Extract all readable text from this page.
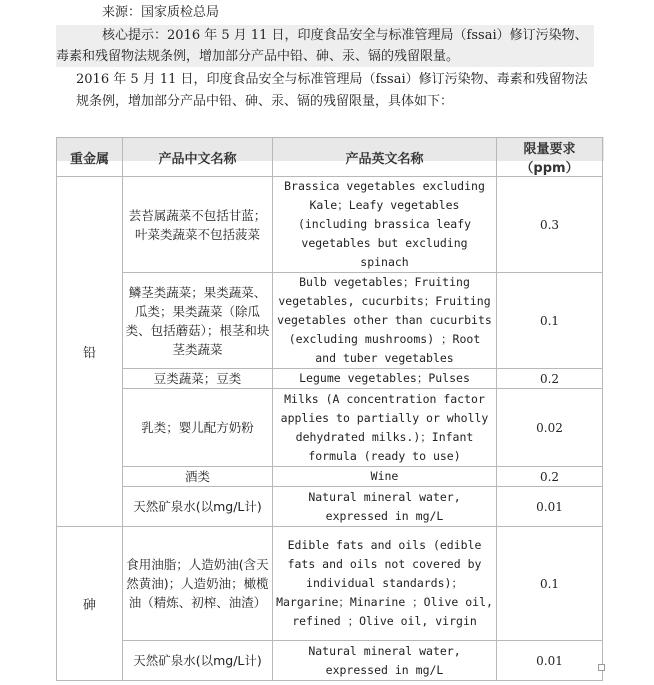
来源：国家质检总局
核心提示：2016 年 5 月 11 日，印度食品安全与标准管理局（fssai）修订污染物、毒素和残留物法规条例，增加部分产品中铅、砷、汞、镉的残留限量。
2016 年 5 月 11 日，印度食品安全与标准管理局（fssai）修订污染物、毒素和残留物法规条例，增加部分产品中铅、砷、汞、镉的残留限量，具体如下：
重金属	产品中文名称	产品英文名称	限量要求（ppm）
铅	芸苔属蔬菜不包括甘蓝；叶菜类蔬菜不包括菠菜	Brassica vegetables excluding Kale；Leafy vegetables (including brassica leafy vegetables but excluding spinach	0.3
	鳞茎类蔬菜；果类蔬菜、瓜类；果类蔬菜（除瓜类、包括蘑菇）；根茎和块茎类蔬菜	Bulb vegetables；Fruiting vegetables, cucurbits；Fruiting vegetables other than cucurbits (excluding mushrooms) ；Root and tuber vegetables	0.1
	豆类蔬菜；豆类	Legume vegetables；Pulses	0.2
	乳类；婴儿配方奶粉	Milks (A concentration factor applies to partially or wholly dehydrated milks.)；Infant formula (ready to use)	0.02
	酒类	Wine	0.2
	天然矿泉水(以mg/L计)	Natural mineral water, expressed in mg/L	0.01
砷	食用油脂；人造奶油(含天然黄油)；人造奶油；橄榄油（精炼、初榨、油渣）	Edible fats and oils (edible fats and oils not covered by individual standards)；Margarine；Minarine ；Olive oil, refined ；Olive oil, virgin	0.1
	天然矿泉水(以mg/L计)	Natural mineral water, expressed in mg/L	0.01
